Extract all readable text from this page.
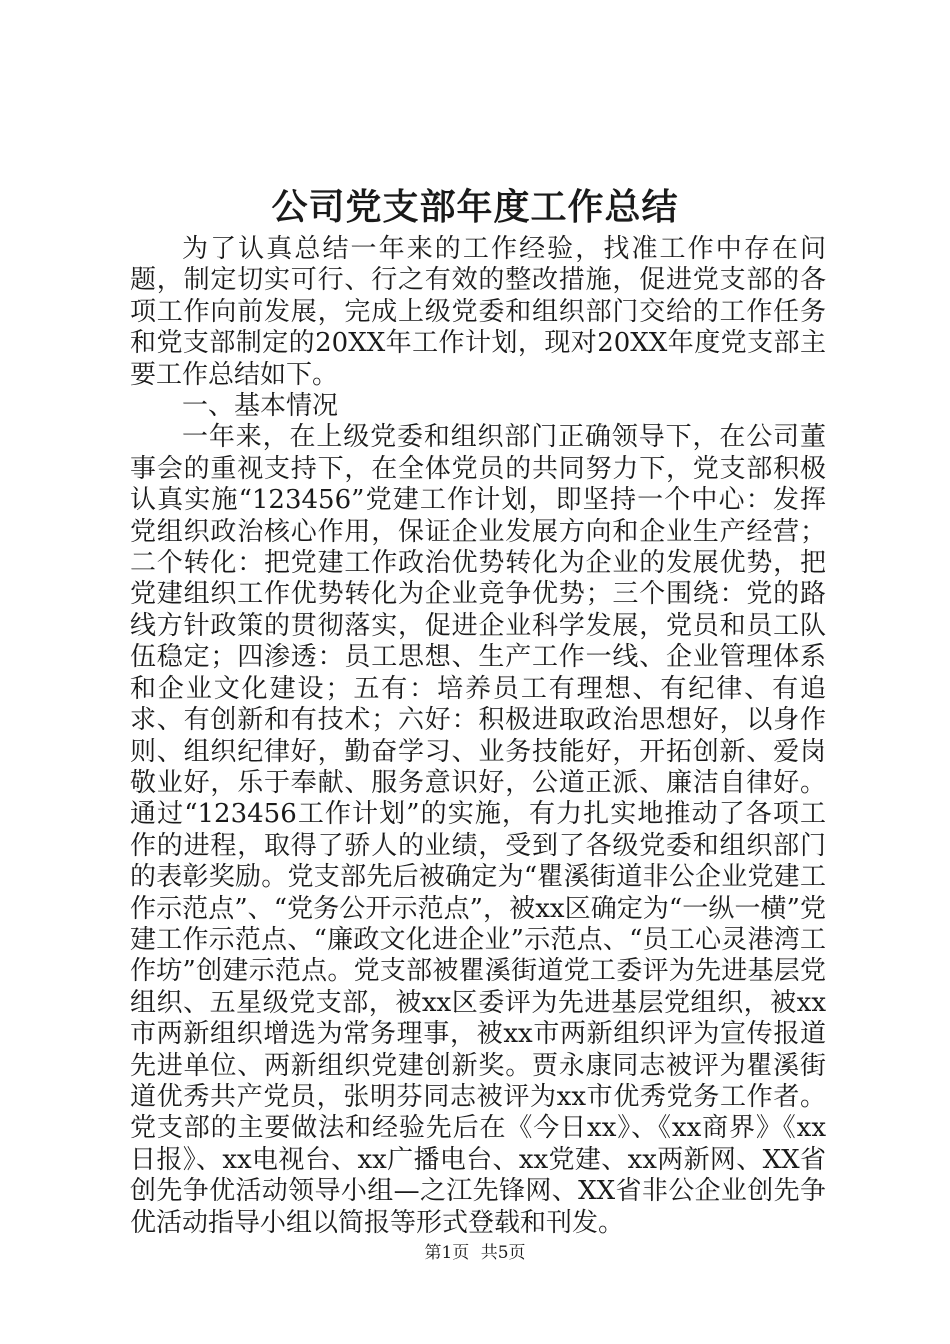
公司党支部年度工作总结

为了认真总结一年来的工作经验，找准工作中存在问题，制定切实可行、行之有效的整改措施，促进党支部的各项工作向前发展，完成上级党委和组织部门交给的工作任务和党支部制定的20XX年工作计划，现对20XX年度党支部主要工作总结如下。

一、基本情况

一年来，在上级党委和组织部门正确领导下，在公司董事会的重视支持下，在全体党员的共同努力下，党支部积极认真实施“123456”党建工作计划，即坚持一个中心：发挥党组织政治核心作用，保证企业发展方向和企业生产经营；二个转化：把党建工作政治优势转化为企业的发展优势，把党建组织工作优势转化为企业竞争优势；三个围绕：党的路线方针政策的贯彻落实，促进企业科学发展，党员和员工队伍稳定；四渗透：员工思想、生产工作一线、企业管理体系和企业文化建设；五有：培养员工有理想、有纪律、有追求、有创新和有技术；六好：积极进取政治思想好，以身作则、组织纪律好，勤奋学习、业务技能好，开拓创新、爱岗敬业好，乐于奉献、服务意识好，公道正派、廉洁自律好。通过“123456工作计划”的实施，有力扎实地推动了各项工作的进程，取得了骄人的业绩，受到了各级党委和组织部门的表彰奖励。党支部先后被确定为“瞿溪街道非公企业党建工作示范点”、“党务公开示范点”，被xx区确定为“一纵一横”党建工作示范点、“廉政文化进企业”示范点、“员工心灵港湾工作坊”创建示范点。党支部被瞿溪街道党工委评为先进基层党组织、五星级党支部，被xx区委评为先进基层党组织，被xx市两新组织增选为常务理事，被xx市两新组织评为宣传报道先进单位、两新组织党建创新奖。贾永康同志被评为瞿溪街道优秀共产党员，张明芬同志被评为xx市优秀党务工作者。党支部的主要做法和经验先后在《今日xx》、《xx商界》《xx日报》、xx电视台、xx广播电台、xx党建、xx两新网、XX省创先争优活动领导小组—之江先锋网、XX省非公企业创先争优活动指导小组以简报等形式登载和刊发。

第1页 共5页
